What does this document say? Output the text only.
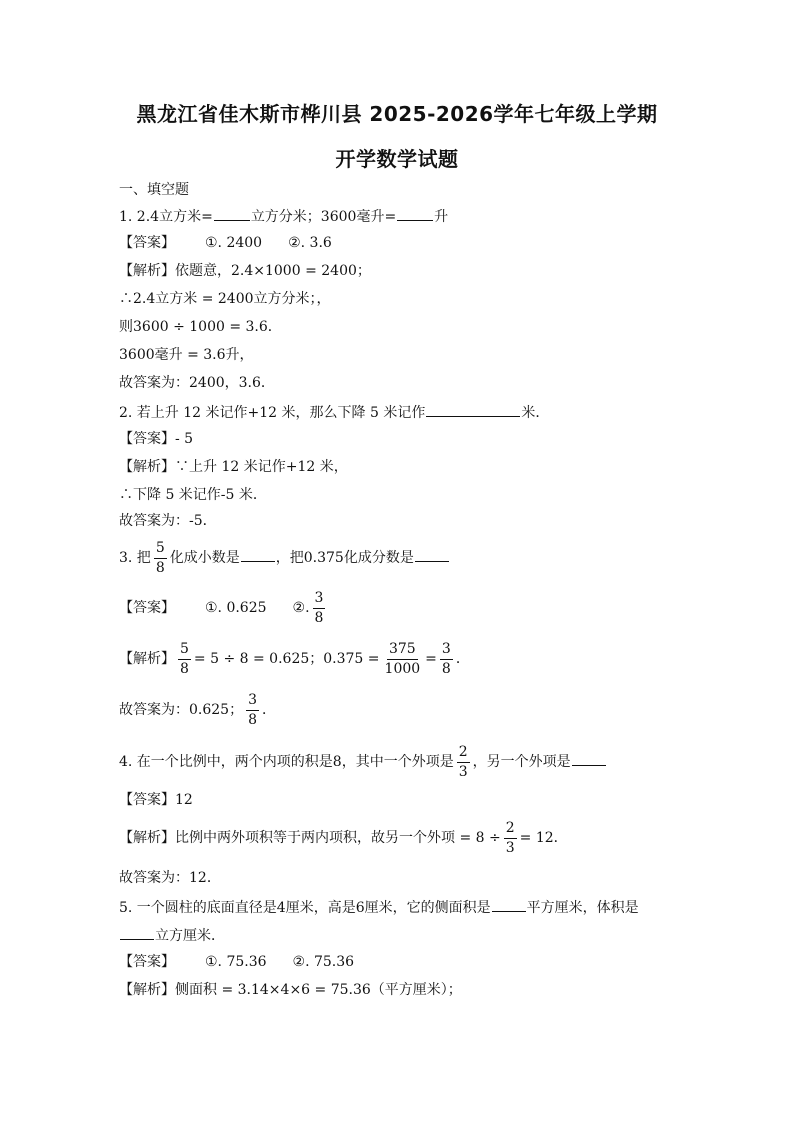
黑龙江省佳木斯市桦川县 2025-2026学年七年级上学期
开学数学试题
一、填空题
1. 2.4立方米=	立方分米；3600毫升=	升
【答案】 ①. 2400 ②. 3.6
【解析】依题意，2.4×1000 = 2400；
∴2.4立方米 = 2400立方分米；，
则3600 ÷ 1000 = 3.6．
3600毫升 = 3.6升，
故答案为：2400，3.6．
2. 若上升 12 米记作+12 米，那么下降 5 米记作	米．
【答案】- 5
【解析】∵上升 12 米记作+12 米，
∴下降 5 米记作-5 米．
故答案为：-5．
3. 把 $\frac{5}{8}$ 化成小数是	，把0.375化成分数是
【答案】 ①. 0.625 ②. $\frac{3}{8}$
【解析】 $\frac{5}{8} = 5 \div 8 = 0.625$；$0.375 = \frac{375}{1000} = \frac{3}{8}$ ．
故答案为：0.625； $\frac{3}{8}$ ．
4. 在一个比例中，两个内项的积是8，其中一个外项是 $\frac{2}{3}$ ，另一个外项是
【答案】12
【解析】比例中两外项积等于两内项积，故另一个外项 = $8 \div \frac{2}{3} = 12$．
故答案为：12．
5. 一个圆柱的底面直径是4厘米，高是6厘米，它的侧面积是	平方厘米，体积是
立方厘米．
【答案】 ①. 75.36 ②. 75.36
【解析】侧面积 = 3.14×4×6 = 75.36（平方厘米）；
